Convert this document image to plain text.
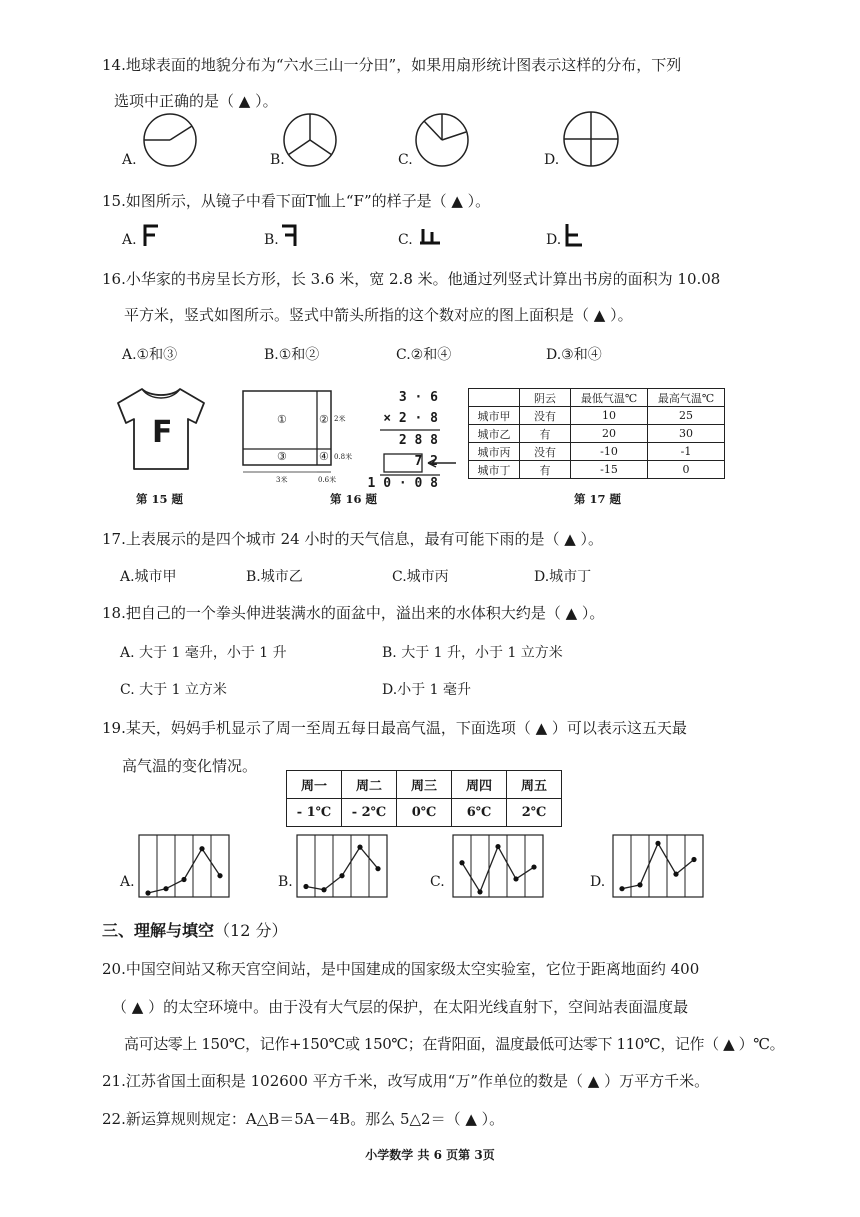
14.地球表面的地貌分布为“六水三山一分田”，如果用扇形统计图表示这样的分布，下列
选项中正确的是（ ▲ ）。
A.	B.	C.	D.
15.如图所示，从镜子中看下面T恤上“F”的样子是（ ▲ ）。
A.	B.	C.	D.
16.小华家的书房呈长方形，长 3.6 米，宽 2.8 米。他通过列竖式计算出书房的面积为 10.08
平方米，竖式如图所示。竖式中箭头所指的这个数对应的图上面积是（ ▲ ）。
A.①和③	B.①和②	C.②和④	D.③和④
F	①	②
③	④
2米
0.8米
3米	0.6米
3 · 6
× 2 · 8
2 8 8
7 2
1 0 · 0 8
	阴云	最低气温℃	最高气温℃
城市甲	没有	10	25
城市乙	有	20	30
城市丙	没有	-10	-1
城市丁	有	-15	0
第 15 题	第 16 题	第 17 题
17.上表展示的是四个城市 24 小时的天气信息，最有可能下雨的是（ ▲ ）。
A.城市甲	B.城市乙	C.城市丙	D.城市丁
18.把自己的一个拳头伸进装满水的面盆中，溢出来的水体积大约是（ ▲ ）。
A. 大于 1 毫升，小于 1 升	B. 大于 1 升，小于 1 立方米
C. 大于 1 立方米	D.小于 1 毫升
19.某天，妈妈手机显示了周一至周五每日最高气温，下面选项（ ▲ ）可以表示这五天最
高气温的变化情况。
周一	周二	周三	周四	周五
- 1℃	- 2℃	0℃	6℃	2℃
A.	B.	C.	D.
三、理解与填空（12 分）
20.中国空间站又称天宫空间站，是中国建成的国家级太空实验室，它位于距离地面约 400
（ ▲ ）的太空环境中。由于没有大气层的保护，在太阳光线直射下，空间站表面温度最
高可达零上 150℃，记作+150℃或 150℃；在背阳面，温度最低可达零下 110℃，记作（ ▲ ）℃。
21.江苏省国土面积是 102600 平方千米，改写成用“万”作单位的数是（ ▲ ）万平方千米。
22.新运算规则规定：A△B＝5A－4B。那么 5△2＝（ ▲ ）。
小学数学 共 6 页第 3页
